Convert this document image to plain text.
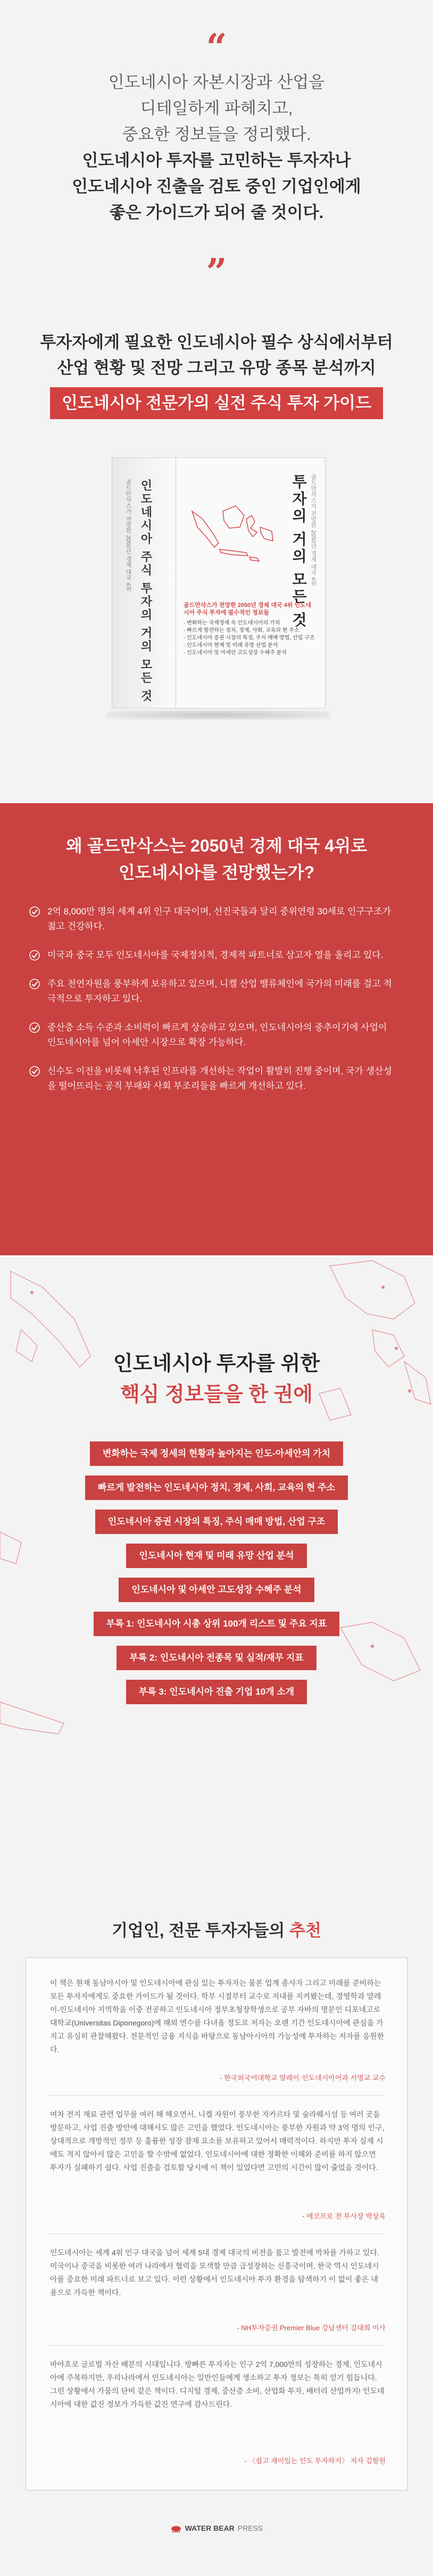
“
인도네시아 자본시장과 산업을
디테일하게 파헤치고,
중요한 정보들을 정리했다.
인도네시아 투자를 고민하는 투자자나
인도네시아 진출을 검토 중인 기업인에게
좋은 가이드가 되어 줄 것이다.
”
투자자에게 필요한 인도네시아 필수 상식에서부터
산업 현황 및 전망 그리고 유망 종목 분석까지
인도네시아 전문가의 실전 주식 투자 가이드
골드만삭스가 전망한 2050년 경제 대국 4위 인도네시아 주식 투자의 거의 모든 것	투자의 거의 모든 것 골드만삭스가 전망한 2050년 경제 대국 4위
골드만삭스가 전망한 2050년 경제 대국 4위 인도네시아 주식 투자에 필수적인 정보들
· 변화하는 국제정세 속 인도네시아의 가치
· 빠르게 발전하는 정치, 경제, 사회, 교육의 현 주소
· 인도네시아 증권 시장의 특징, 주식 매매 방법, 산업 구조
· 인도네시아 현재 및 미래 유망 산업 분석
· 인도네시아 및 아세안 고도성장 수혜주 분석
왜 골드만삭스는 2050년 경제 대국 4위로
인도네시아를 전망했는가?
2억 8,000만 명의 세계 4위 인구 대국이며, 선진국들과 달리 중위연령 30세로 인구구조가 젊고 건강하다.
미국과 중국 모두 인도네시아를 국제정치적, 경제적 파트너로 삼고자 열을 올리고 있다.
주요 천연자원을 풍부하게 보유하고 있으며, 니켈 산업 밸류체인에 국가의 미래를 걸고 적극적으로 투자하고 있다.
중산층 소득 수준과 소비력이 빠르게 상승하고 있으며, 인도네시아의 중추이기에 사업이 인도네시아를 넘어 아세안 시장으로 확장 가능하다.
신수도 이전을 비롯해 낙후된 인프라를 개선하는 작업이 활발히 진행 중이며, 국가 생산성을 떨어뜨리는 공직 부패와 사회 부조리들을 빠르게 개선하고 있다.
인도네시아 투자를 위한
핵심 정보들을 한 권에
변화하는 국제 정세의 현황과 높아지는 인도-아세안의 가치
빠르게 발전하는 인도네시아 정치, 경제, 사회, 교육의 현 주소
인도네시아 증권 시장의 특징, 주식 매매 방법, 산업 구조
인도네시아 현재 및 미래 유망 산업 분석
인도네시아 및 아세안 고도성장 수혜주 분석
부록 1: 인도네시아 시총 상위 100개 리스트 및 주요 지표
부록 2: 인도네시아 전종목 및 실적/재무 지표
부록 3: 인도네시아 진출 기업 10개 소개
기업인, 전문 투자자들의 추천
이 책은 현재 동남아시아 및 인도네시아에 관심 있는 투자자는 물론 업계 종사자 그리고 미래를 준비하는 모든 투자자에게도 중요한 가이드가 될 것이다. 학부 시절부터 교수로 지내를 지켜봤는데, 경영학과 말레이-인도네시아 지역학을 이중 전공하고 인도네시아 정부초청장학생으로 공부 자바의 명문인 디포네고로 대학교(Universitas Diponegoro)에 해외 연수를 다녀올 정도로 저자는 오랜 기간 인도네시아에 관심을 가지고 유심히 관찰해왔다. 전문적인 금융 지식을 바탕으로 동남아시아의 가능성에 투자하는 저자를 응원한다.
- 한국외국어대학교 말레이·인도네시아어과 서명교 교수
여차 전지 재료 관련 업무를 여러 해 해오면서, 니켈 자원이 풍부한 자카르타 및 술라웨시섬 등 여러 곳을 방문하고, 사업 진출 방안에 대해서도 많은 고민을 했었다. 인도네시아는 풍부한 자원과 약 3억 명의 인구, 상대적으로 개방적인 정부 등 훌륭한 성장 잠재 요소를 보유하고 있어서 매력적이다. 하지만 투자 실제 시에도 적지 않아서 많은 고민을 할 수밖에 없었다. 인도네시아에 대한 정확한 이해와 준비를 하지 않으면 투자가 실패하기 쉽다. 사업 진출을 검토할 당시에 이 책이 있었다면 고민의 시간이 많이 줄었을 것이다.
- 에코프로 전 부사장 박상욱
인도네시아는 세계 4위 인구 대국을 넘어 세계 5대 경제 대국의 비전을 품고 발전에 박차를 가하고 있다. 미국이나 중국을 비롯한 여러 나라에서 협력을 모색할 만큼 급성장하는 신흥국이며, 한국 역시 인도네시아를 중요한 미래 파트너로 보고 있다. 이런 상황에서 인도네시아 투자 환경을 탐색하기 이 없이 좋은 내용으로 가득한 책이다.
- NH투자증권 Premier Blue 강남센터 김대희 이사
바야흐로 글로벌 자산 배분의 시대입니다. 방빠른 투자자는 인구 2억 7,000만의 성장하는 경제, 인도네시아에 주목하지만, 우리나라에서 인도네시아는 일반인들에게 생소하고 투자 정보는 특히 얻기 힘듭니다. 그런 상황에서 가뭄의 단비 같은 책이다. 디지털 경제, 중산층 소비, 산업화 투자, 배터리 산업까지! 인도네시아에 대한 값진 정보가 가득한 값진 연구에 감사드린다.
- 〈쉽고 재미있는 인도 투자하지〉 저자 김항원
WATER BEAR PRESS
